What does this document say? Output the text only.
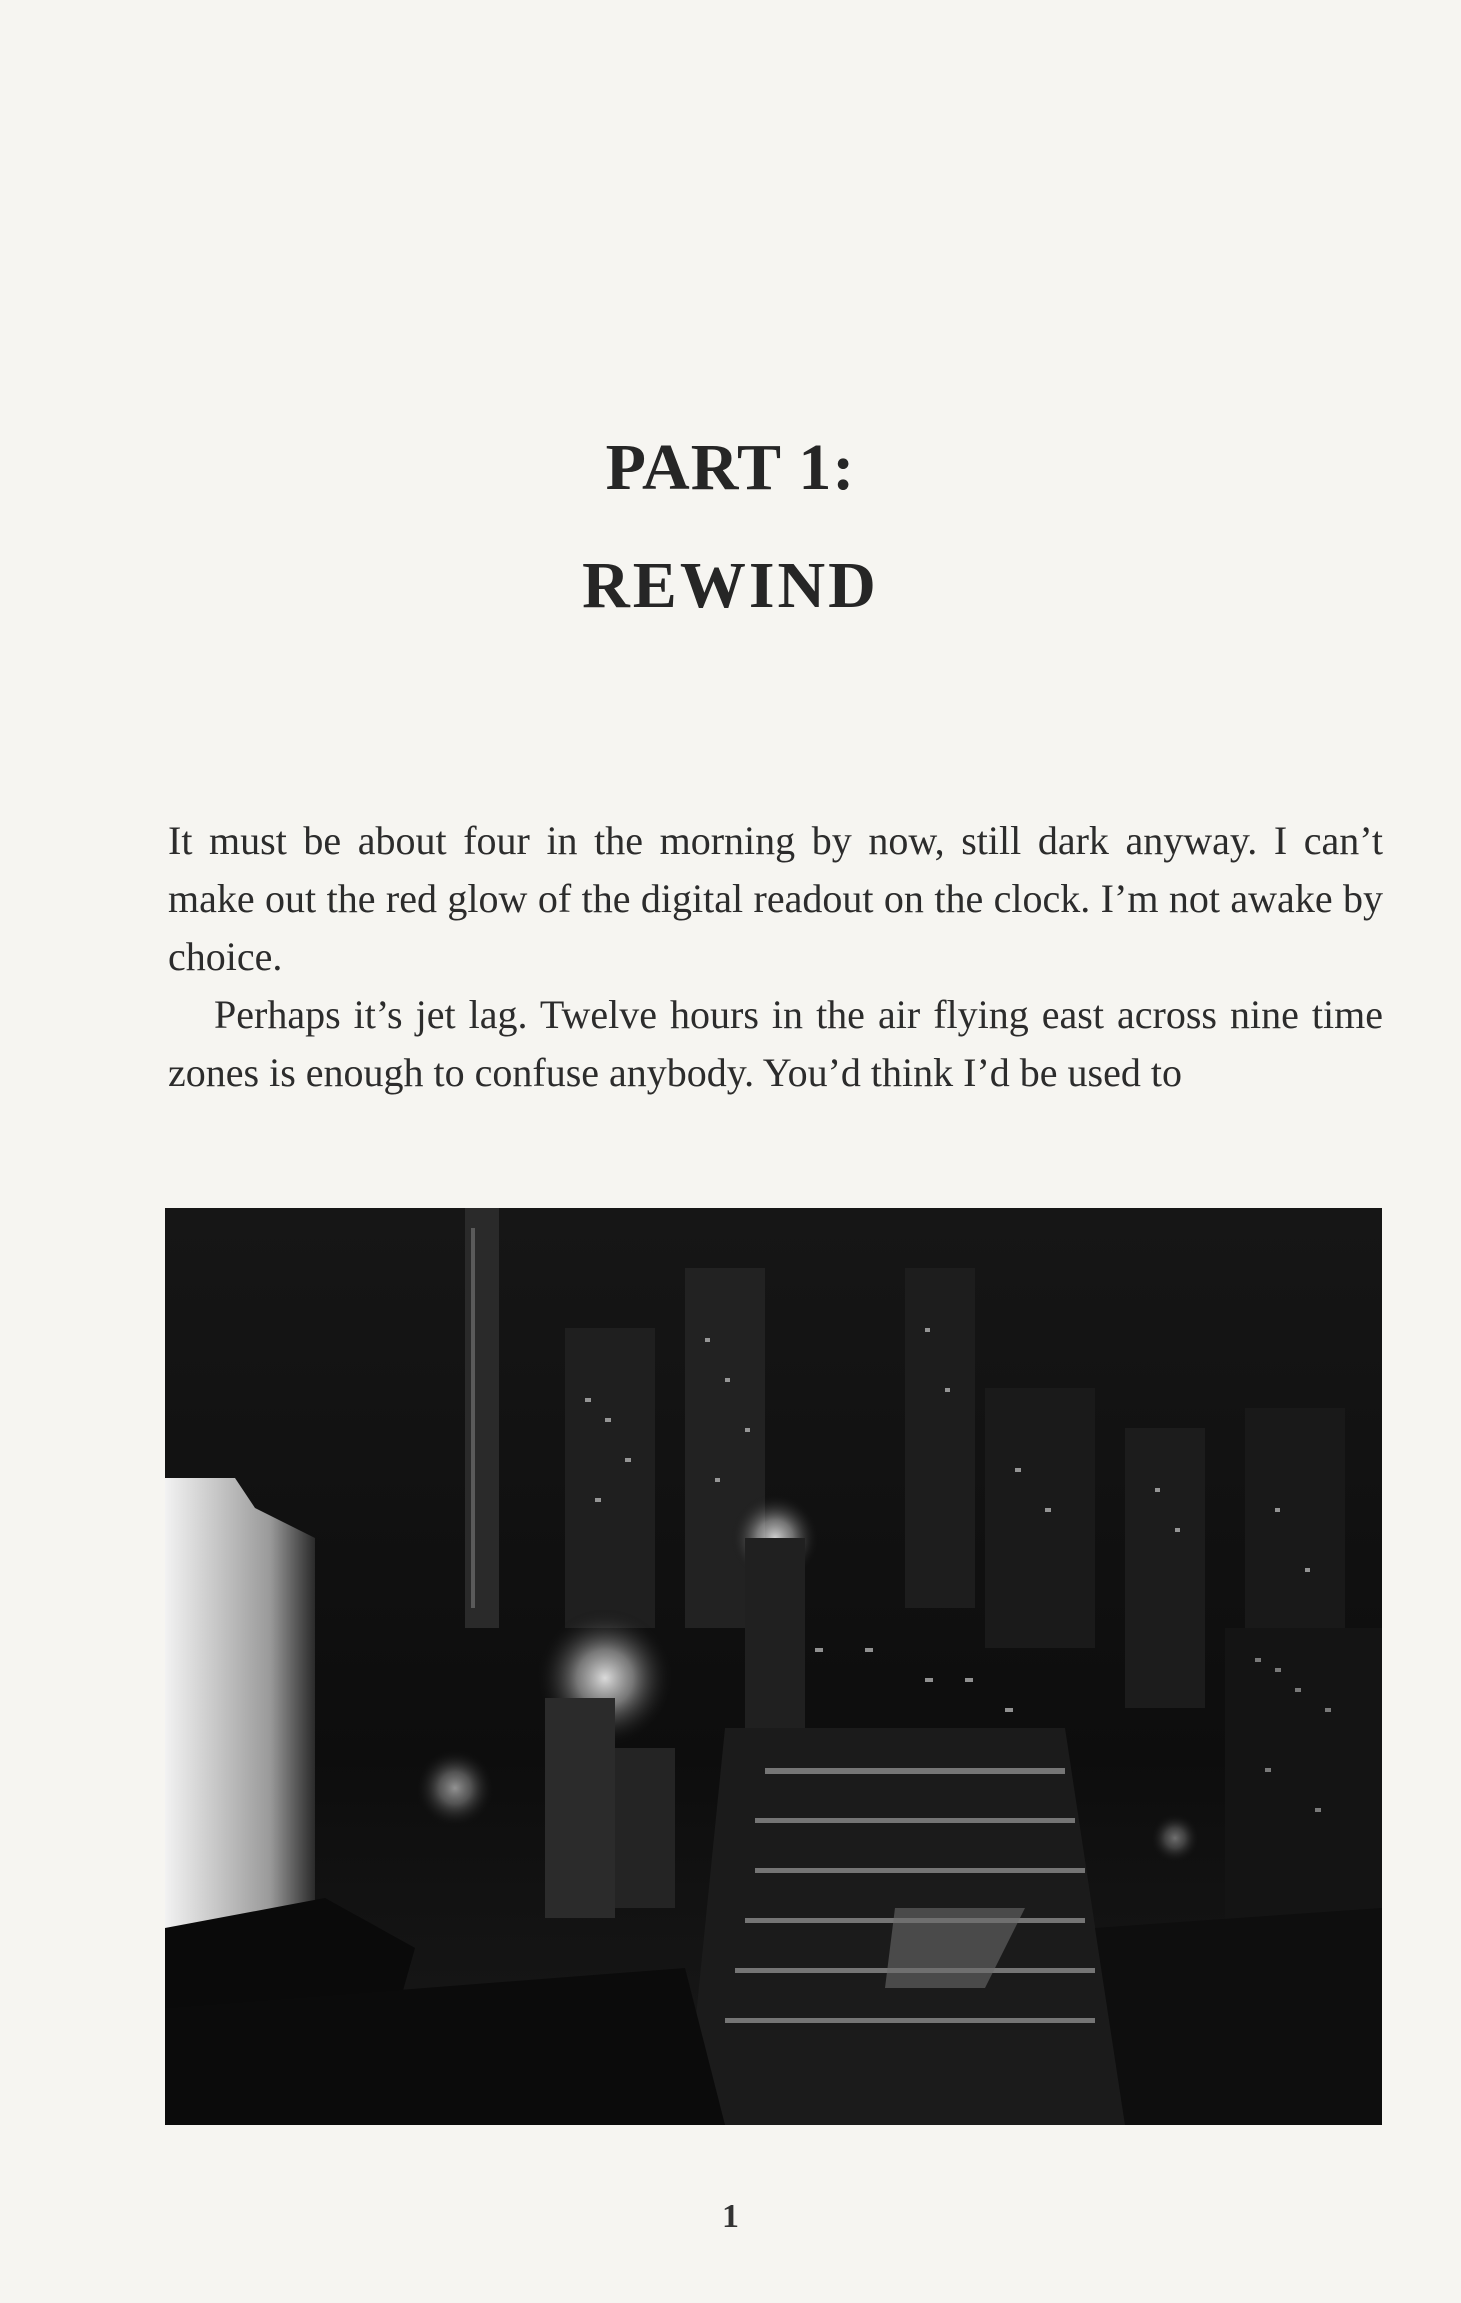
PART 1:
REWIND

It must be about four in the morning by now, still dark anyway. I can’t make out the red glow of the digital readout on the clock. I’m not awake by choice.

Perhaps it’s jet lag. Twelve hours in the air flying east across nine time zones is enough to confuse anybody. You’d think I’d be used to

1
